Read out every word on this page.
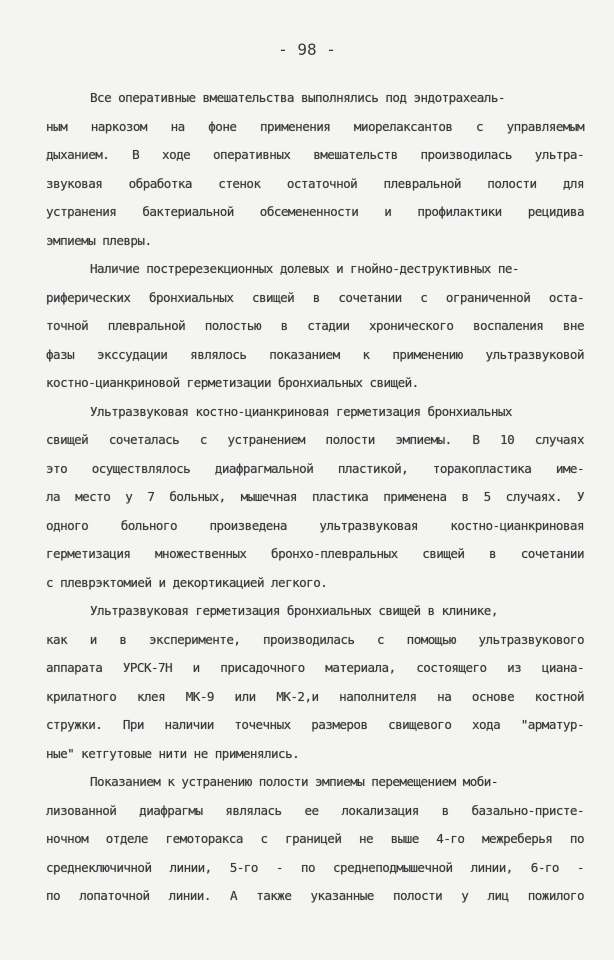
- 98 -
Все оперативные вмешательства выполнялись под эндотрахеаль-
ным наркозом на фоне применения миорелаксантов с управляемым
дыханием. В ходе оперативных вмешательств производилась ультра-
звуковая обработка стенок остаточной плевральной полости для
устранения бактериальной обсемененности и профилактики рецидива
эмпиемы плевры.
Наличие постререзекционных долевых и гнойно-деструктивных пе-
риферических бронхиальных свищей в сочетании с ограниченной оста-
точной плевральной полостью в стадии хронического воспаления вне
фазы экссудации являлось показанием к применению ультразвуковой
костно-цианкриновой герметизации бронхиальных свищей.
Ультразвуковая костно-цианкриновая герметизация бронхиальных
свищей сочеталась с устранением полости эмпиемы. В 10 случаях
это осуществлялось диафрагмальной пластикой, торакопластика име-
ла место у 7 больных, мышечная пластика применена в 5 случаях. У
одного больного произведена ультразвуковая костно-цианкриновая
герметизация множественных бронхо-плевральных свищей в сочетании
с плеврэктомией и декортикацией легкого.
Ультразвуковая герметизация бронхиальных свищей в клинике,
как и в эксперименте, производилась с помощью ультразвукового
аппарата УРСК-7Н и присадочного материала, состоящего из циана-
крилатного клея МК-9 или МК-2,и наполнителя на основе костной
стружки. При наличии точечных размеров свищевого хода "арматур-
ные" кетгутовые нити не применялись.
Показанием к устранению полости эмпиемы перемещением моби-
лизованной диафрагмы являлась ее локализация в базально-присте-
ночном отделе гемоторакса с границей не выше 4-го межреберья по
среднеключичной линии, 5-го - по среднеподмышечной линии, 6-го -
по лопаточной линии. А также указанные полости у лиц пожилого
